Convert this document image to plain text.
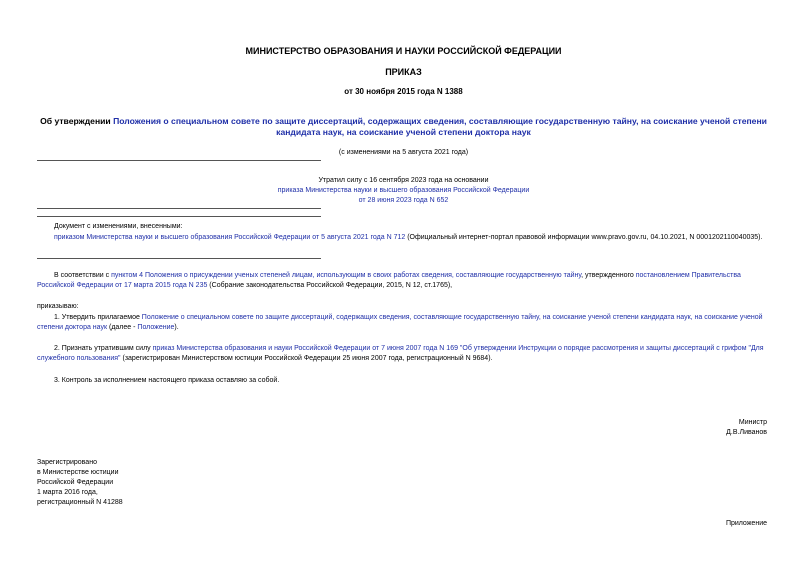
МИНИСТЕРСТВО ОБРАЗОВАНИЯ И НАУКИ РОССИЙСКОЙ ФЕДЕРАЦИИ
ПРИКАЗ
от 30 ноября 2015 года N 1388
Об утверждении Положения о специальном совете по защите диссертаций, содержащих сведения, составляющие государственную тайну, на соискание ученой степени кандидата наук, на соискание ученой степени доктора наук
(с изменениями на 5 августа 2021 года)
Утратил силу с 16 сентября 2023 года на основании
приказа Министерства науки и высшего образования Российской Федерации
от 28 июня 2023 года N 652
Документ с изменениями, внесенными:
приказом Министерства науки и высшего образования Российской Федерации от 5 августа 2021 года N 712 (Официальный интернет-портал правовой информации www.pravo.gov.ru, 04.10.2021, N 0001202110040035).
В соответствии с пунктом 4 Положения о присуждении ученых степеней лицам, использующим в своих работах сведения, составляющие государственную тайну, утвержденного постановлением Правительства Российской Федерации от 17 марта 2015 года N 235 (Собрание законодательства Российской Федерации, 2015, N 12, ст.1765),
приказываю:
1. Утвердить прилагаемое Положение о специальном совете по защите диссертаций, содержащих сведения, составляющие государственную тайну, на соискание ученой степени кандидата наук, на соискание ученой степени доктора наук (далее - Положение).
2. Признать утратившим силу приказ Министерства образования и науки Российской Федерации от 7 июня 2007 года N 169 "Об утверждении Инструкции о порядке рассмотрения и защиты диссертаций с грифом "Для служебного пользования" (зарегистрирован Министерством юстиции Российской Федерации 25 июня 2007 года, регистрационный N 9684).
3. Контроль за исполнением настоящего приказа оставляю за собой.
Министр
Д.В.Ливанов
Зарегистрировано
в Министерстве юстиции
Российской Федерации
1 марта 2016 года,
регистрационный N 41288
Приложение
